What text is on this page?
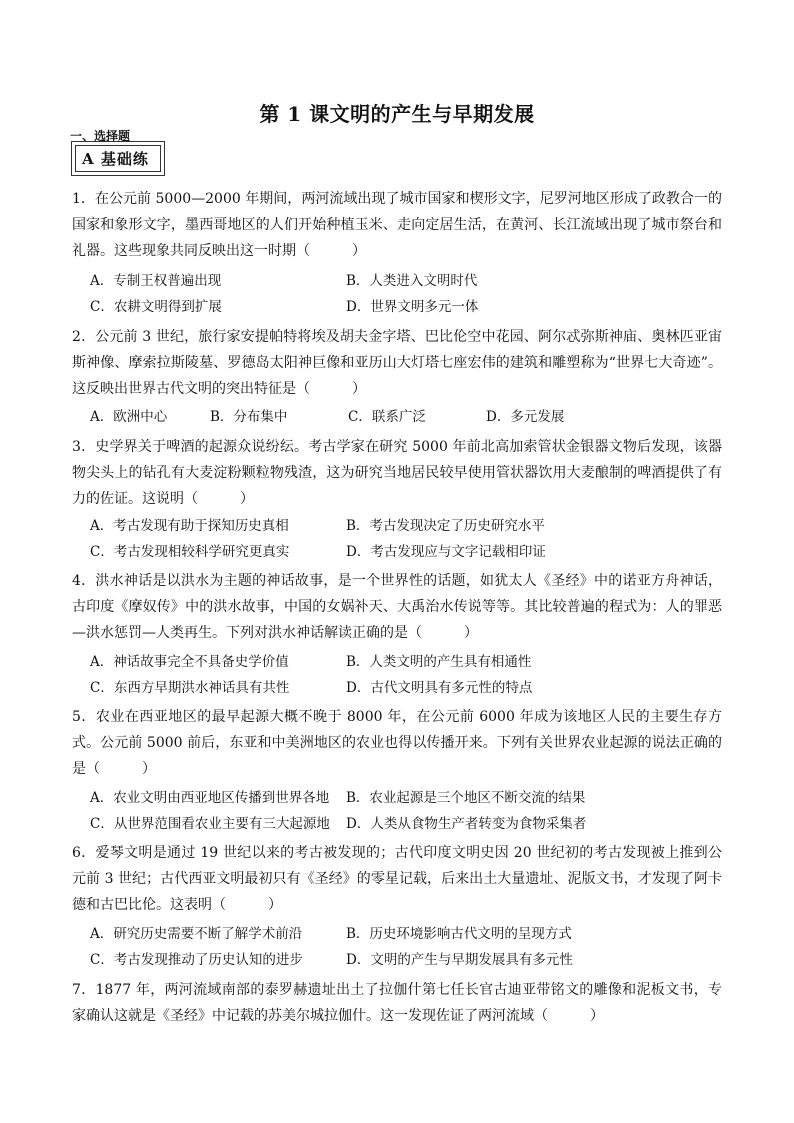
第 1 课文明的产生与早期发展
一、选择题
A 基础练
1．在公元前 5000—2000 年期间，两河流域出现了城市国家和楔形文字，尼罗河地区形成了政教合一的国家和象形文字，墨西哥地区的人们开始种植玉米、走向定居生活，在黄河、长江流域出现了城市祭台和礼器。这些现象共同反映出这一时期（　　　）
A．专制王权普遍出现	B．人类进入文明时代
C．农耕文明得到扩展	D．世界文明多元一体
2．公元前 3 世纪，旅行家安提帕特将埃及胡夫金字塔、巴比伦空中花园、阿尔忒弥斯神庙、奥林匹亚宙斯神像、摩索拉斯陵墓、罗德岛太阳神巨像和亚历山大灯塔七座宏伟的建筑和雕塑称为“世界七大奇迹”。这反映出世界古代文明的突出特征是（　　　）
A．欧洲中心	B．分布集中	C．联系广泛	D．多元发展
3．史学界关于啤酒的起源众说纷纭。考古学家在研究 5000 年前北高加索管状金银器文物后发现，该器物尖头上的钻孔有大麦淀粉颗粒物残渣，这为研究当地居民较早使用管状器饮用大麦酿制的啤酒提供了有力的佐证。这说明（　　　）
A．考古发现有助于探知历史真相	B．考古发现决定了历史研究水平
C．考古发现相较科学研究更真实	D．考古发现应与文字记载相印证
4．洪水神话是以洪水为主题的神话故事，是一个世界性的话题，如犹太人《圣经》中的诺亚方舟神话，古印度《摩奴传》中的洪水故事，中国的女娲补天、大禹治水传说等等。其比较普遍的程式为：人的罪恶—洪水惩罚—人类再生。下列对洪水神话解读正确的是（　　　）
A．神话故事完全不具备史学价值	B．人类文明的产生具有相通性
C．东西方早期洪水神话具有共性	D．古代文明具有多元性的特点
5．农业在西亚地区的最早起源大概不晚于 8000 年，在公元前 6000 年成为该地区人民的主要生存方式。公元前 5000 前后，东亚和中美洲地区的农业也得以传播开来。下列有关世界农业起源的说法正确的是（　　　）
A．农业文明由西亚地区传播到世界各地 B．农业起源是三个地区不断交流的结果
C．从世界范围看农业主要有三大起源地 D．人类从食物生产者转变为食物采集者
6．爱琴文明是通过 19 世纪以来的考古被发现的；古代印度文明史因 20 世纪初的考古发现被上推到公元前 3 世纪；古代西亚文明最初只有《圣经》的零星记载，后来出土大量遗址、泥版文书，才发现了阿卡德和古巴比伦。这表明（　　　）
A．研究历史需要不断了解学术前沿	B．历史环境影响古代文明的呈现方式
C．考古发现推动了历史认知的进步	D．文明的产生与早期发展具有多元性
7．1877 年，两河流域南部的泰罗赫遗址出土了拉伽什第七任长官古迪亚带铭文的雕像和泥板文书，专家确认这就是《圣经》中记载的苏美尔城拉伽什。这一发现佐证了两河流域（　　　）
